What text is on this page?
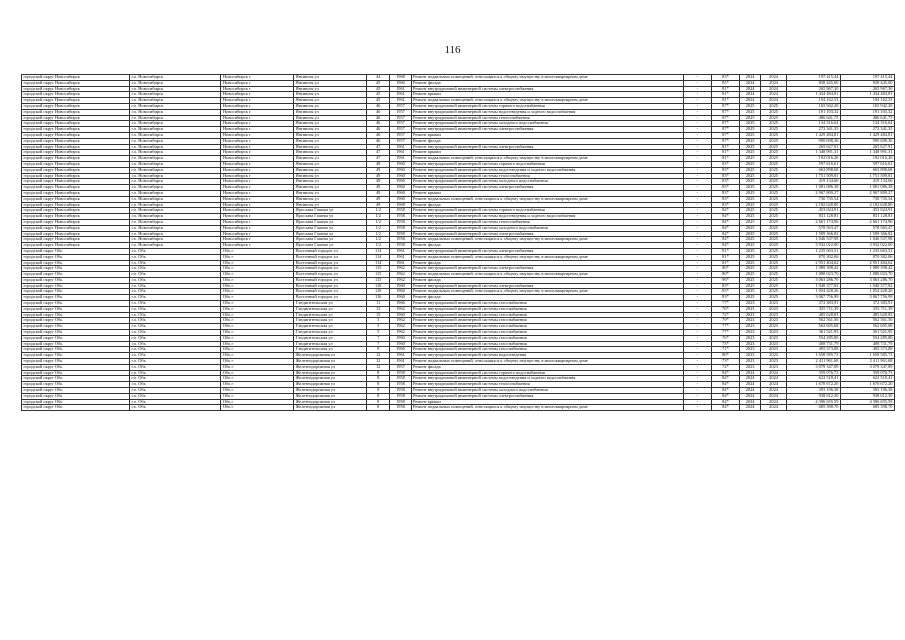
116
городской округ Новосибирск	г.о. Новосибирск	Новосибирск г	Янгиюлы ул	44	1968	Ремонт подвальных помещений, относящихся к общему имуществу в многоквартирном доме	-	83*	2024	2024	197 415,44	197 415,44
городской округ Новосибирск	г.о. Новосибирск	Новосибирск г	Янгиюлы ул	45	1960	Ремонт фасада	-	85*	2024	2024	838 445,00	838 445,00
городской округ Новосибирск	г.о. Новосибирск	Новосибирск г	Янгиюлы ул	45	1961	Ремонт внутридомовой инженерной системы электроснабжения	-	81*	2024	2024	265 967,30	265 967,30
городской округ Новосибирск	г.о. Новосибирск	Новосибирск г	Янгиюлы ул	45	1961	Ремонт крыши	-	81*	2024	2024	1 434 484,81	1 434 484,81
городской округ Новосибирск	г.о. Новосибирск	Новосибирск г	Янгиюлы ул	45	1961	Ремонт подвальных помещений, относящихся к общему имуществу в многоквартирном доме	-	81*	2024	2024	194 162,33	194 162,33
городской округ Новосибирск	г.о. Новосибирск	Новосибирск г	Янгиюлы ул	46	1957	Ремонт внутридомовой инженерной системы горячего водоснабжения	-	87*	2025	2025	165 942,20	165 942,20
городской округ Новосибирск	г.о. Новосибирск	Новосибирск г	Янгиюлы ул	46	1957	Ремонт внутридомовой инженерной системы водоотведения и ходного водоснабжения	-	87*	2025	2025	191 103,32	191 103,32
городской округ Новосибирск	г.о. Новосибирск	Новосибирск г	Янгиюлы ул	46	1957	Ремонт внутридомовой инженерной системы теплоснабжения	-	87*	2025	2025	486 641,75	486 641,75
городской округ Новосибирск	г.о. Новосибирск	Новосибирск г	Янгиюлы ул	46	1957	Ремонт внутридомовой инженерной системы холодного водоснабжения	-	87*	2025	2025	134 316,64	134 316,64
городской округ Новосибирск	г.о. Новосибирск	Новосибирск г	Янгиюлы ул	46	1957	Ремонт внутридомовой инженерной системы электроснабжения	-	87*	2025	2025	273 341,35	273 341,35
городской округ Новосибирск	г.о. Новосибирск	Новосибирск г	Янгиюлы ул	46	1957	Ремонт крыши	-	87*	2025	2025	1 429 484,81	1 429 484,81
городской округ Новосибирск	г.о. Новосибирск	Новосибирск г	Янгиюлы ул	46	1957	Ремонт фасада	-	87*	2025	2025	990 698,36	990 698,36
городской округ Новосибирск	г.о. Новосибирск	Новосибирск г	Янгиюлы ул	47	1961	Ремонт внутридомовой инженерной системы электроснабжения	-	81*	2025	2025	265 627,91	265 627,91
городской округ Новосибирск	г.о. Новосибирск	Новосибирск г	Янгиюлы ул	47	1961	Ремонт крыши	-	81*	2025	2025	1 348 991,31	1 348 991,31
городской округ Новосибирск	г.о. Новосибирск	Новосибирск г	Янгиюлы ул	47	1961	Ремонт подвальных помещений, относящихся к общему имуществу в многоквартирном доме	-	81*	2025	2025	192 016,26	192 016,26
городской округ Новосибирск	г.о. Новосибирск	Новосибирск г	Янгиюлы ул	48	1960	Ремонт внутридомовой инженерной системы горячего водоснабжения	-	83*	2025	2025	597 616,61	597 616,61
городской округ Новосибирск	г.о. Новосибирск	Новосибирск г	Янгиюлы ул	49	1960	Ремонт внутридомовой инженерной системы водоотведения и ходного водоснабжения	-	83*	2025	2025	663 898,68	663 898,68
городской округ Новосибирск	г.о. Новосибирск	Новосибирск г	Янгиюлы ул	49	1960	Ремонт внутридомовой инженерной системы теплоснабжения	-	83*	2025	2025	1 751 509,81	1 751 509,81
городской округ Новосибирск	г.о. Новосибирск	Новосибирск г	Янгиюлы ул	49	1960	Ремонт внутридомовой инженерной системы холодного водоснабжения	-	83*	2025	2025	419 134,66	419 134,66
городской округ Новосибирск	г.о. Новосибирск	Новосибирск г	Янгиюлы ул	49	1960	Ремонт внутридомовой инженерной системы электроснабжения	-	83*	2025	2025	1 081 086,38	1 081 086,38
городской округ Новосибирск	г.о. Новосибирск	Новосибирск г	Янгиюлы ул	49	1960	Ремонт крыши	-	83*	2025	2025	2 967 809,27	2 967 809,27
городской округ Новосибирск	г.о. Новосибирск	Новосибирск г	Янгиюлы ул	49	1960	Ремонт подвальных помещений, относящихся к общему имуществу в многоквартирном доме	-	83*	2025	2025	730 735,54	730 735,54
городской округ Новосибирск	г.о. Новосибирск	Новосибирск г	Янгиюлы ул	49	1968	Ремонт фасада	-	83*	2025	2025	2 182 628,80	2 182 628,80
городской округ Новосибирск	г.о. Новосибирск	Новосибирск г	Ярослава Гашека ул	1/2	1958	Ремонт внутридомовой инженерной системы горячего водоснабжения	-	84*	2025	2025	453 024,91	453 024,91
городской округ Новосибирск	г.о. Новосибирск	Новосибирск г	Ярослава Гашека ул	1/2	1958	Ремонт внутридомовой инженерной системы водоотведения и ходного водоснабжения	-	84*	2025	2025	831 128,81	831 128,81
городской округ Новосибирск	г.о. Новосибирск	Новосибирск г	Ярослава Гашека ул	1/2	1958	Ремонт внутридомовой инженерной системы теплоснабжения	-	84*	2025	2025	2 661 174,96	2 661 174,96
городской округ Новосибирск	г.о. Новосибирск	Новосибирск г	Ярослава Гашека ул	1/2	1958	Ремонт внутридомовой инженерной системы холодного водоснабжения	-	84*	2025	2025	578 563,47	578 563,47
городской округ Новосибирск	г.о. Новосибирск	Новосибирск г	Ярослава Гашека ул	1/2	1958	Ремонт внутридомовой инженерной системы электроснабжения	-	84*	2025	2025	1 509 366,82	1 509 366,82
городской округ Новосибирск	г.о. Новосибирск	Новосибирск г	Ярослава Гашека ул	1/2	1958	Ремонт подвальных помещений, относящихся к общему имуществу в многоквартирном доме	-	84*	2025	2025	1 046 537,98	1 046 537,98
городской округ Новосибирск	г.о. Новосибирск	Новосибирск г	Ярослава Гашека ул	1/2	1958	Ремонт фасада	-	84*	2025	2025	3 932 022,00	3 932 022,00
городской округ Обь	г.о. Обь	Обь г	Восточный городок ул	114	1961	Ремонт внутридомовой инженерной системы электроснабжения	-	81*	2025	2025	1 235 663,51	1 235 663,51
городской округ Обь	г.о. Обь	Обь г	Восточный городок ул	114	1961	Ремонт подвальных помещений, относящихся к общему имуществу в многоквартирном доме	-	81*	2025	2025	870 302,06	870 302,06
городской округ Обь	г.о. Обь	Обь г	Восточный городок ул	114	1961	Ремонт фасада	-	81*	2025	2025	2 951 404,62	2 951 404,62
городской округ Обь	г.о. Обь	Обь г	Восточный городок ул	115	1962	Ремонт внутридомовой инженерной системы электроснабжения	-	80*	2025	2025	1 089 398,42	1 089 398,42
городской округ Обь	г.о. Обь	Обь г	Восточный городок ул	115	1962	Ремонт подвальных помещений, относящихся к общему имуществу в многоквартирном доме	-	80*	2025	2025	1 080 023,70	1 080 023,70
городской округ Обь	г.о. Обь	Обь г	Восточный городок ул	115	1962	Ремонт фасада	-	96*	2025	2025	3 063 286,70	3 063 286,70
городской округ Обь	г.о. Обь	Обь г	Восточный городок ул	116	1960	Ремонт внутридомовой инженерной системы электроснабжения	-	83*	2025	2025	1 940 377,82	1 940 377,82
городской округ Обь	г.о. Обь	Обь г	Восточный городок ул	116	1960	Ремонт подвальных помещений, относящихся к общему имуществу в многоквартирном доме	-	83*	2025	2025	1 054 428,26	1 054 428,26
городской округ Обь	г.о. Обь	Обь г	Восточный городок ул	116	1960	Ремонт фасада	-	83*	2025	2025	3 067 756,99	3 067 756,99
городской округ Обь	г.о. Обь	Обь г	Гэндигительская ул	11	1966	Ремонт внутридомовой инженерной системы газоснабжения	-	77*	2023	2023	372 383,91	372 383,91
городской округ Обь	г.о. Обь	Обь г	Гэндигительская ул	13	1962	Ремонт внутридомовой инженерной системы газоснабжения	-	76*	2023	2023	355 711,39	355 711,39
городской округ Обь	г.о. Обь	Обь г	Гэндигительская ул	15	1960	Ремонт внутридомовой инженерной системы газоснабжения	-	72*	2023	2023	485 628,83	485 628,83
городской округ Обь	г.о. Обь	Обь г	Гэндигительская ул	3	1962	Ремонт внутридомовой инженерной системы газоснабжения	-	79*	2023	2023	562 561,56	562 561,56
городской округ Обь	г.о. Обь	Обь г	Гэндигительская ул	5	1962	Ремонт внутридомовой инженерной системы газоснабжения	-	77*	2023	2023	562 605,68	562 605,68
городской округ Обь	г.о. Обь	Обь г	Гэндигительская ул	5	1962	Ремонт внутридомовой инженерной системы газоснабжения	-	77*	2023	2023	361 521,95	361 521,95
городской округ Обь	г.о. Обь	Обь г	Гэндигительская ул	7	1960	Ремонт внутридомовой инженерной системы газоснабжения	-	76*	2023	2023	554 285,80	554 285,80
городской округ Обь	г.о. Обь	Обь г	Гэндигительская ул	7	1960	Ремонт внутридомовой инженерной системы газоснабжения	-	73*	2023	2023	408 731,79	408 731,79
городской округ Обь	г.о. Обь	Обь г	Гэндигительская ул	9	1960	Ремонт внутридомовой инженерной системы газоснабжения	-	71*	2023	2023	495 373,88	495 373,88
городской округ Обь	г.о. Обь	Обь г	Железнодорожная ул	12	1961	Ремонт внутридомовой инженерной системы водоотведения	-	80*	2023	2023	1 658 585,73	1 658 585,73
городской округ Обь	г.о. Обь	Обь г	Железнодорожная ул	12	1961	Ремонт подвальных помещений, относящихся к общему имуществу в многоквартирном доме	-	73*	2023	2023	2 411 961,68	2 411 961,68
городской округ Обь	г.о. Обь	Обь г	Железнодорожная ул	12	1957	Ремонт фасада	-	72*	2023	2023	3 079 347,89	3 079 347,89
городской округ Обь	г.о. Обь	Обь г	Железнодорожная ул	8	1958	Ремонт внутридомовой инженерной системы горячего водоснабжения	-	84*	2024	2024	359 076,73	359 076,73
городской округ Обь	г.о. Обь	Обь г	Железнодорожная ул	8	1958	Ремонт внутридомовой инженерной системы водоотведения и ходного водоснабжения	-	84*	2024	2024	622 518,41	622 518,41
городской округ Обь	г.о. Обь	Обь г	Железнодорожная ул	8	1958	Ремонт внутридомовой инженерной системы теплоснабжения	-	84*	2024	2024	1 670 672,20	1 670 672,20
городской округ Обь	г.о. Обь	Обь г	Железнодорожная ул	8	1958	Ремонт внутридомовой инженерной системы холодного водоснабжения	-	84*	2024	2024	393 196,38	393 196,38
городской округ Обь	г.о. Обь	Обь г	Железнодорожная ул	8	1958	Ремонт внутридомовой инженерной системы электроснабжения	-	84*	2024	2024	938 612,30	938 612,30
городской округ Обь	г.о. Обь	Обь г	Железнодорожная ул	8	1958	Ремонт крыши	-	84*	2024	2024	4 396 655,59	4 396 655,59
городской округ Обь	г.о. Обь	Обь г	Железнодорожная ул	8	1958	Ремонт подвальных помещений, относящихся к общему имуществу в многоквартирном доме	-	84*	2024	2024	685 398,70	685 398,70
